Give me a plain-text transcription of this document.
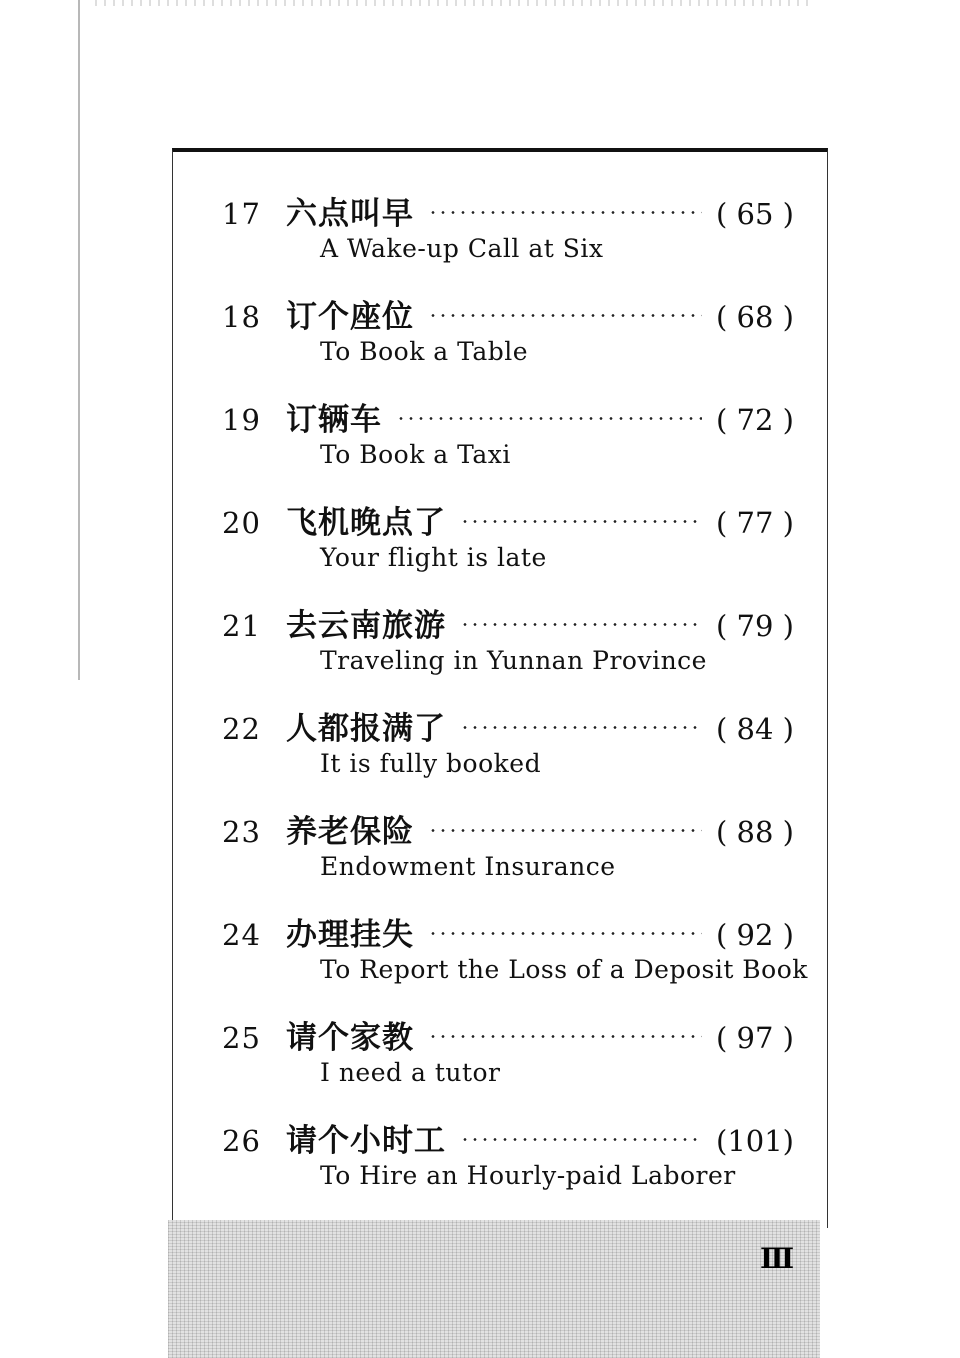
17 六点叫早	( 65 )
A Wake-up Call at Six
18 订个座位	( 68 )
To Book a Table
19 订辆车	( 72 )
To Book a Taxi
20 飞机晚点了	( 77 )
Your flight is late
21 去云南旅游	( 79 )
Traveling in Yunnan Province
22 人都报满了	( 84 )
It is fully booked
23 养老保险	( 88 )
Endowment Insurance
24 办理挂失	( 92 )
To Report the Loss of a Deposit Book
25 请个家教	( 97 )
I need a tutor
26 请个小时工	(101)
To Hire an Hourly-paid Laborer
Ⅲ
